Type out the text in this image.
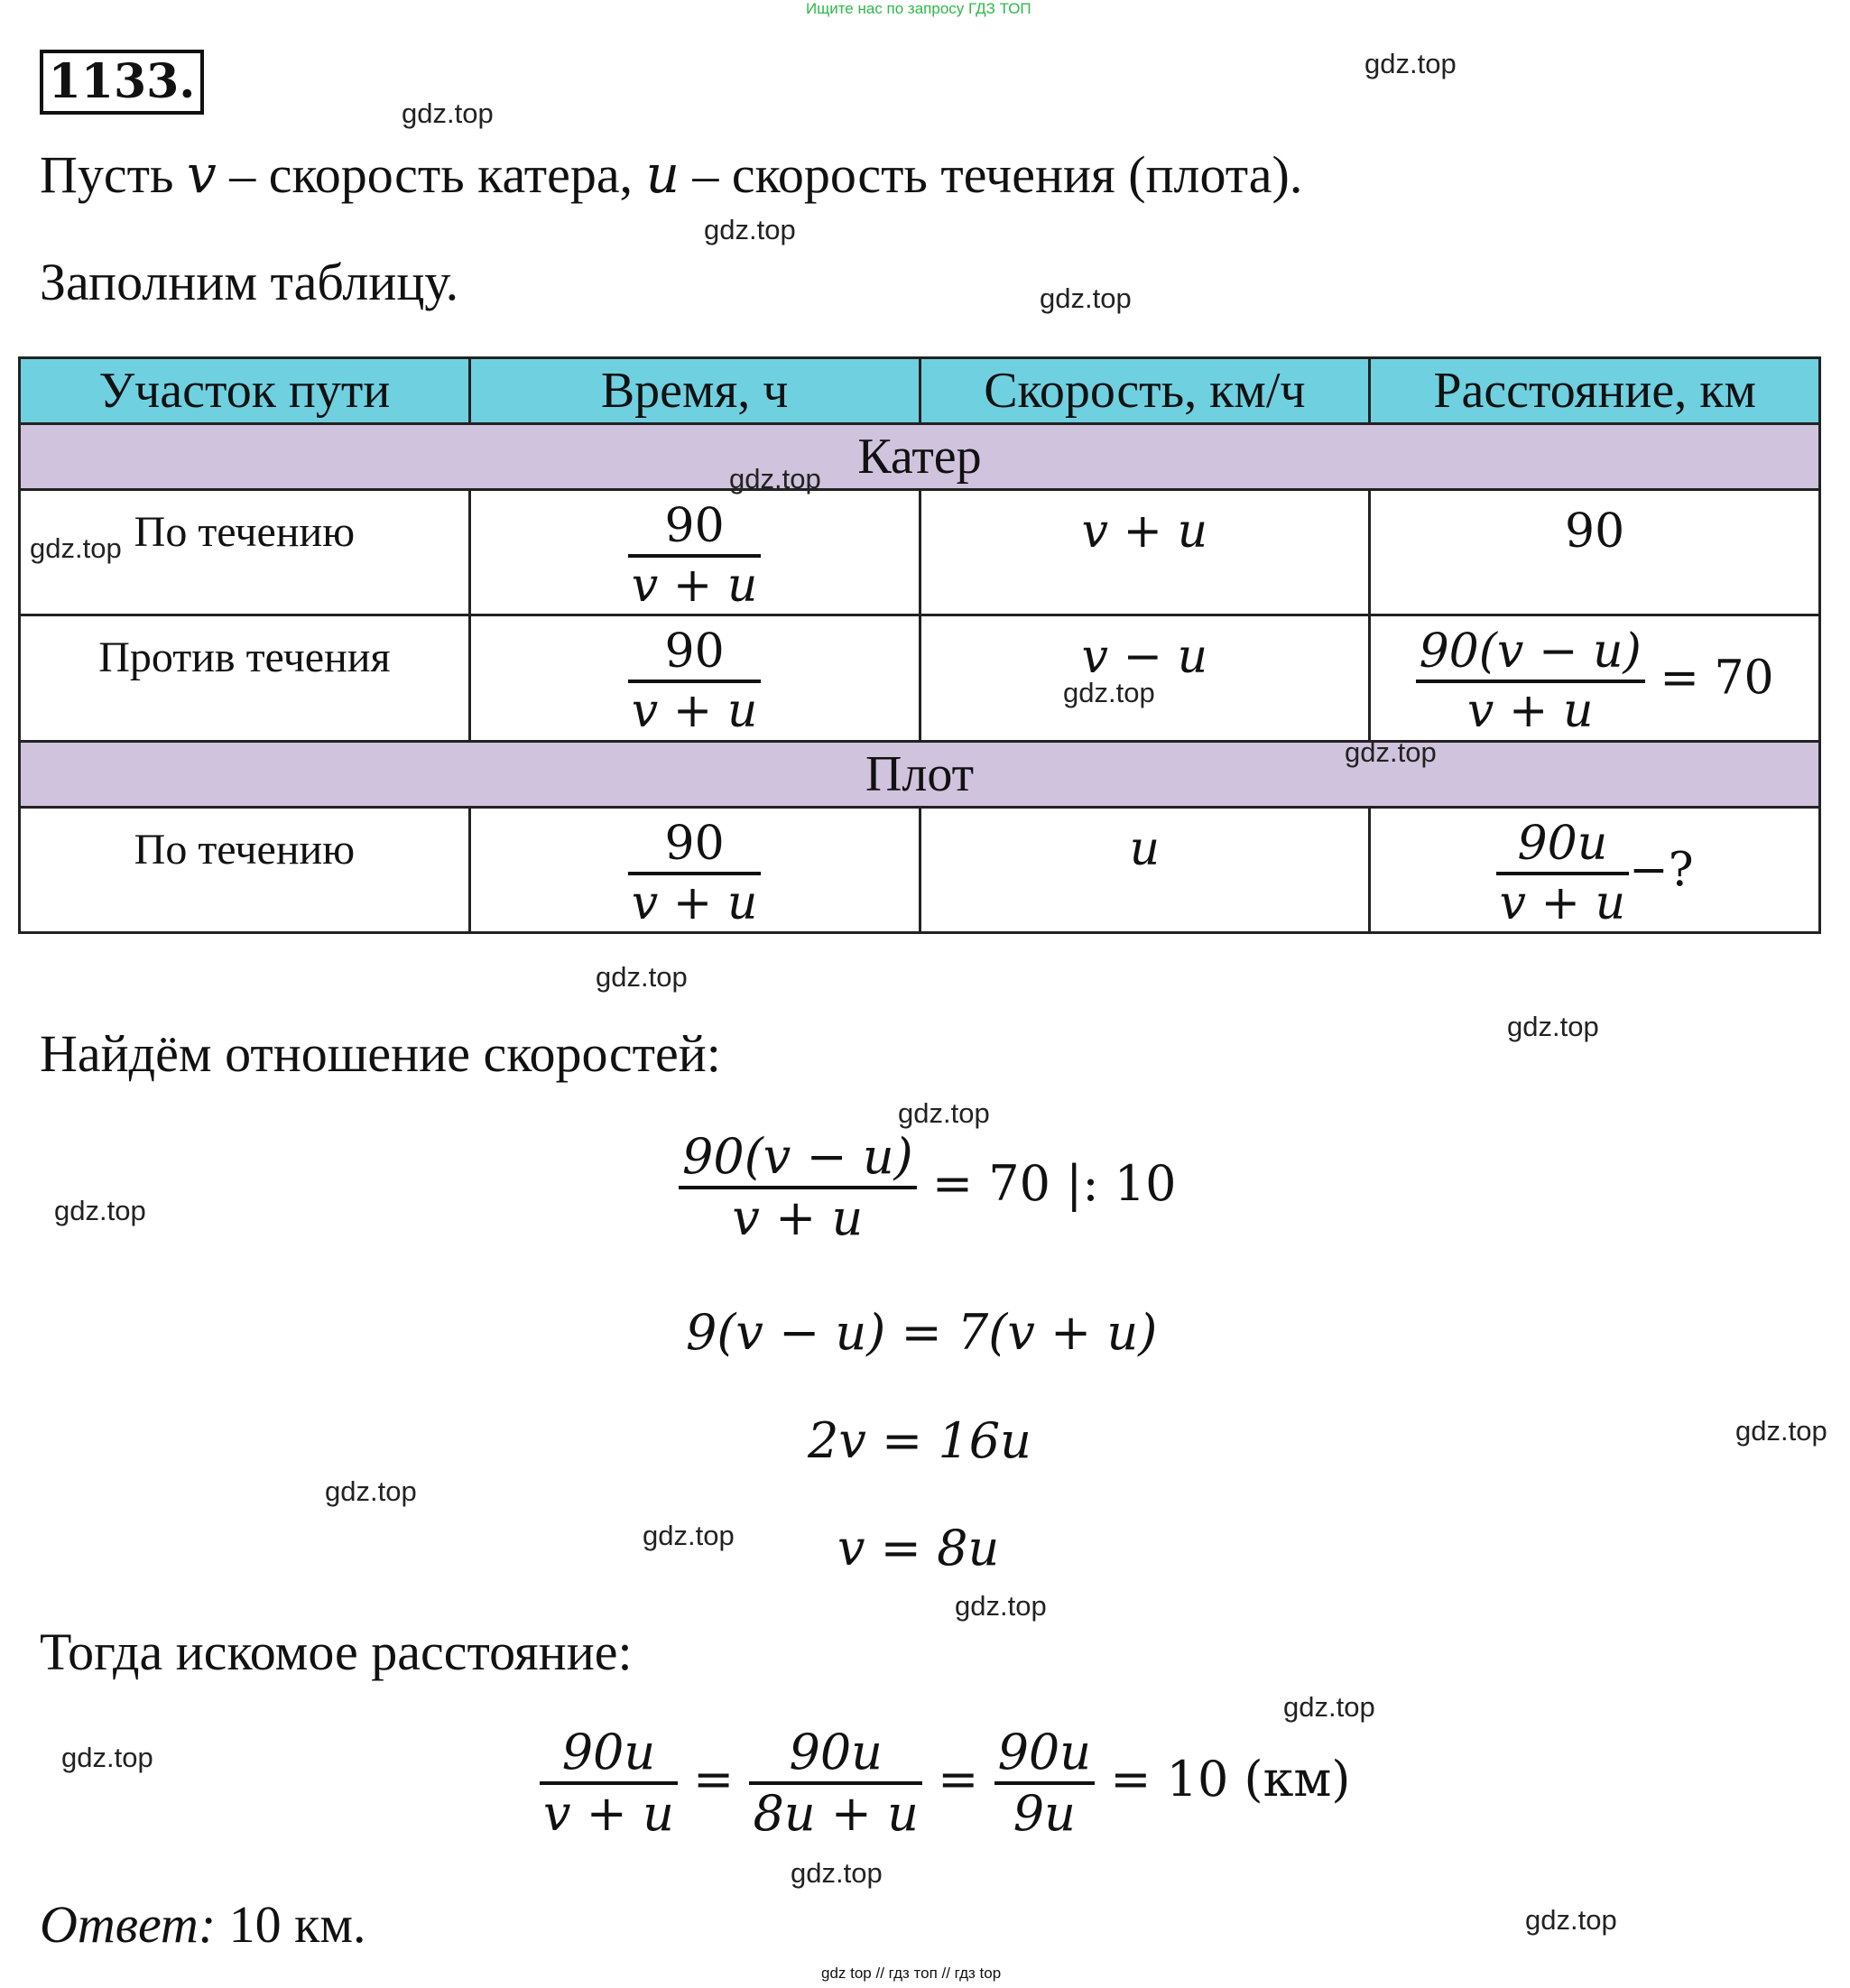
Ищите нас по запросу ГДЗ ТОП
1133.
Пусть v – скорость катера, u – скорость течения (плота).
Заполним таблицу.
Участок пути	Время, ч	Скорость, км/ч	Расстояние, км
Катер			

По течению	$\frac{90}{v + u}$	v + u	90

Против течения	$\frac{90}{v + u}$	v − u	$\frac{90(v - u)}{v + u} = 70$

Плот			

По течению	$\frac{90}{v + u}$	u	$\frac{90u}{v + u}$ −?
Найдём отношение скоростей:
$\frac{90(v - u)}{v + u} = 70$ |: 10
9(v − u) = 7(v + u)
2v = 16u
v = 8u
Тогда искомое расстояние:
$\frac{90u}{v + u} = \frac{90u}{8u + u} = \frac{90u}{9u} = 10$ (км)
Ответ: 10 км.
gdz top // гдз топ // гдз top
gdz.top
gdz.top
gdz.top
gdz.top
gdz.top
gdz.top
gdz.top
gdz.top
gdz.top
gdz.top
gdz.top
gdz.top
gdz.top
gdz.top
gdz.top
gdz.top
gdz.top
gdz.top
gdz.top
gdz.top
